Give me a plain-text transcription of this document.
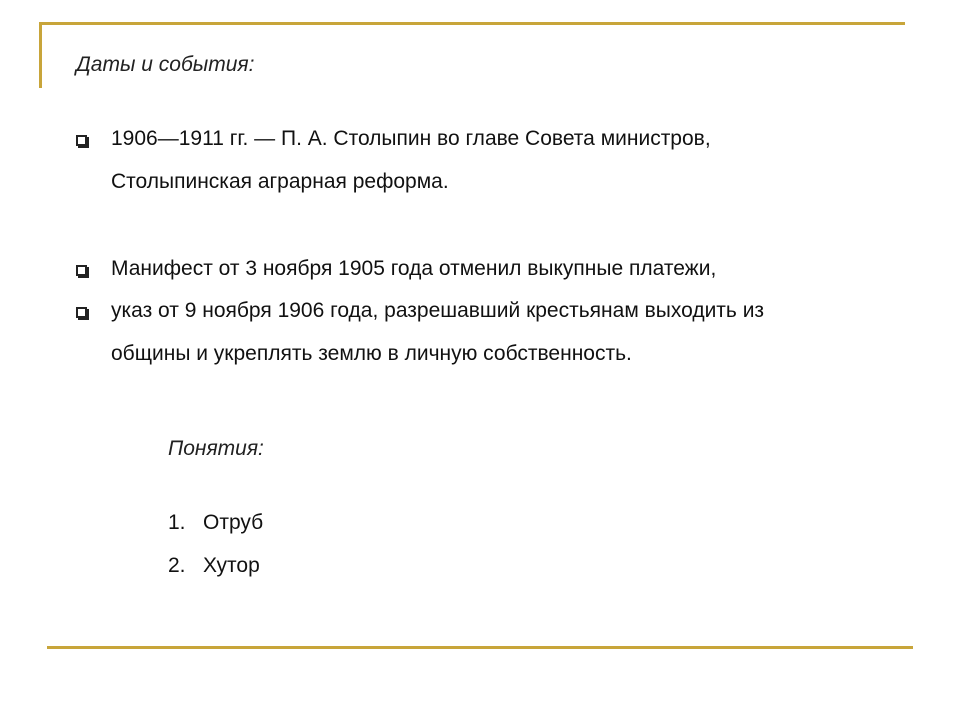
Даты и события:
1906—1911 гг. — П. А. Столыпин во главе Совета министров,
Столыпинская аграрная реформа.
Манифест от 3 ноября 1905 года отменил выкупные платежи,
указ от 9 ноября 1906 года, разрешавший крестьянам выходить из
общины и укреплять землю в личную собственность.
Понятия:
1. Отруб
2. Хутор
